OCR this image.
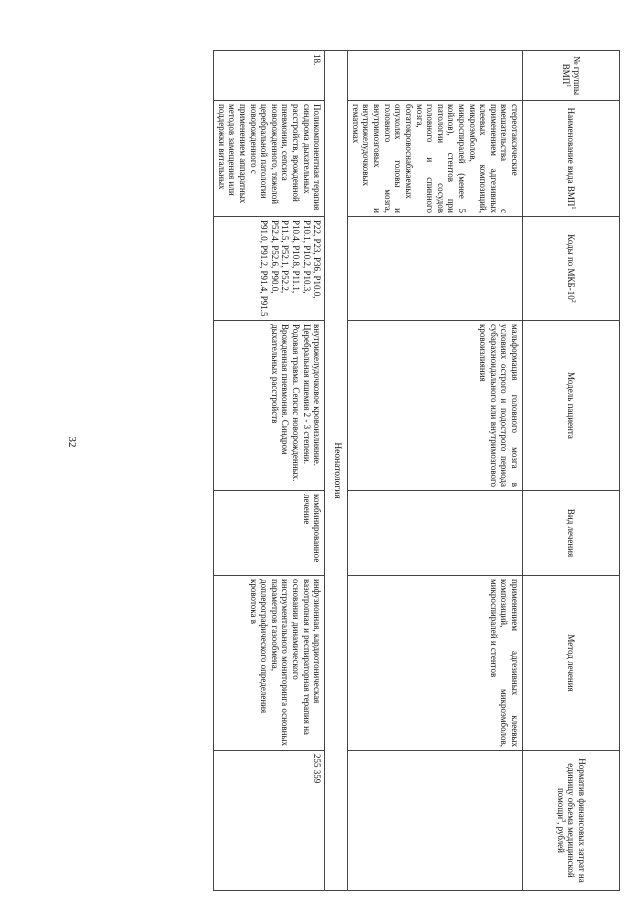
32
№ группы ВМП$^1$	Наименование вида ВМП$^1$	Коды по МКБ-$10^2$	Модель пациента	Вид лечения	Метод лечения	Норматив финансовых затрат на единицу объема медицинской помощи$^3$, рублей
	стереотаксические вмешательства с применением адгезивных клеевых композиций, микроэмболов, микроспиралей (менее 5 койлов), стентов при патологии сосудов головного и спинного мозга, богатокровоснабжаемых опухолях головы и головного мозга, внутримозговых и внутрижелудочковых гематомах		мальформация головного мозга в условиях острого и подострого периода субарахноидального или внутримозгового кровоизлияния		применением адгезивных клеевых композиций, микроэмболов, микроспиралей и стентов	
Неонатология						
18.	Поликомпонентная терапия синдрома дыхательных расстройств, врожденной пневмонии, сепсиса новорожденного, тяжелой церебральной патологии новорожденного с применением аппаратных методов замещения или поддержки витальных	P22, P23, P36, P10.0, P10.1, P10.2, P10.3, P10.4, P10.8, P11.1, P11.5, P52.1, P52.2, P52.4, P52.6, P90.0, P91.0, P91.2, P91.4, P91.5	внутрижелудочковое кровоизлияние. Церебральная ишемия 2 - 3 степени. Родовая травма. Сепсис новорожденных. Врожденная пневмония. Синдром дыхательных расстройств	комбинированное лечение	инфузионная, кардиотоническая вазотропная и респираторная терапия на основании динамического инструментального мониторинга основных параметров газообмена, доплерографического определения кровотока в	255 359
